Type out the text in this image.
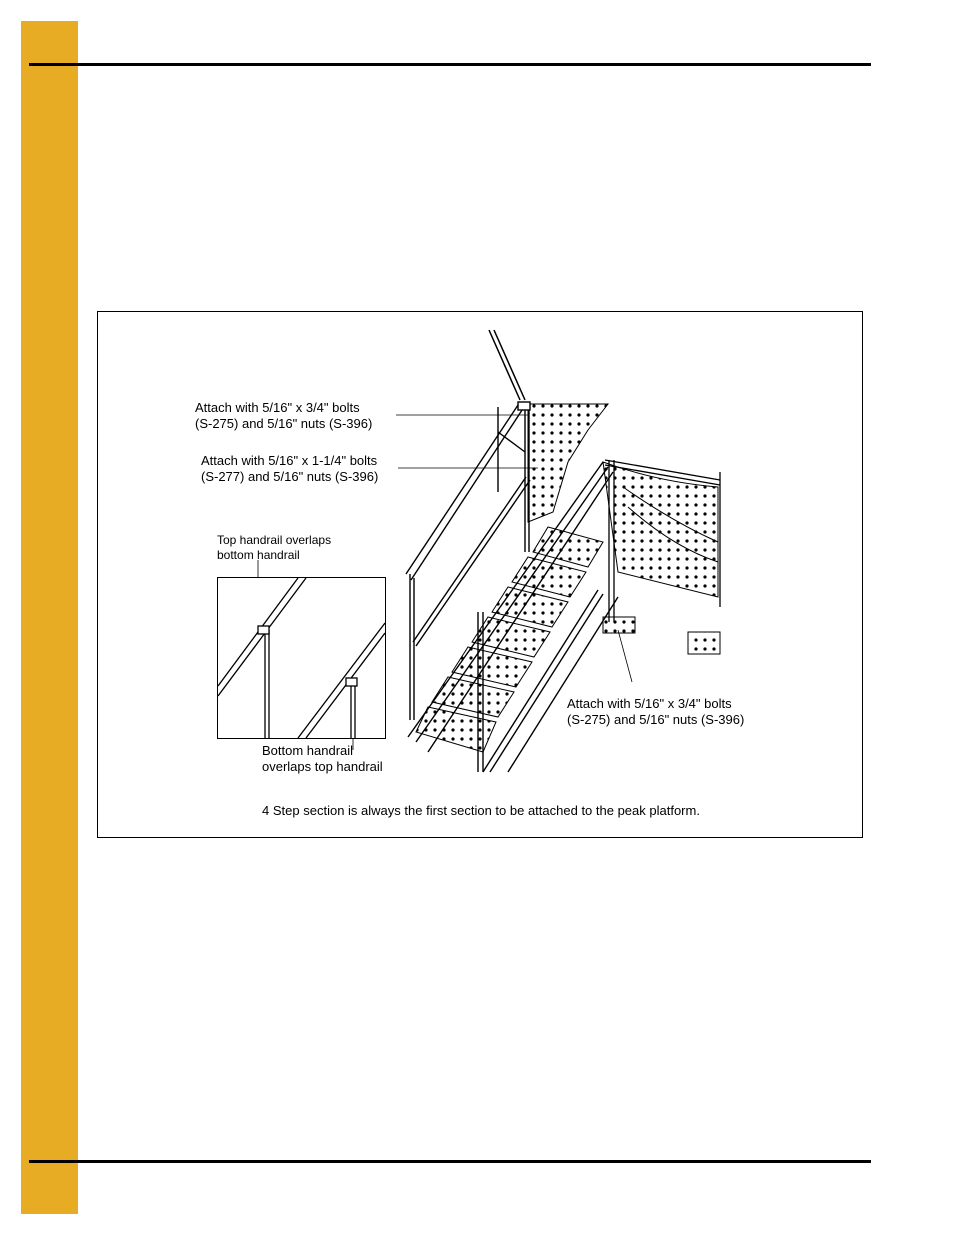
Attach with 5/16" x 3/4" bolts
(S-275) and 5/16" nuts (S-396)
Attach with 5/16" x 1-1/4" bolts
(S-277) and 5/16" nuts (S-396)
Top handrail overlaps
bottom handrail
Bottom handrail
overlaps top handrail
Attach with 5/16" x 3/4" bolts
(S-275) and 5/16" nuts (S-396)
4 Step section is always the first section to be attached to the peak platform.
